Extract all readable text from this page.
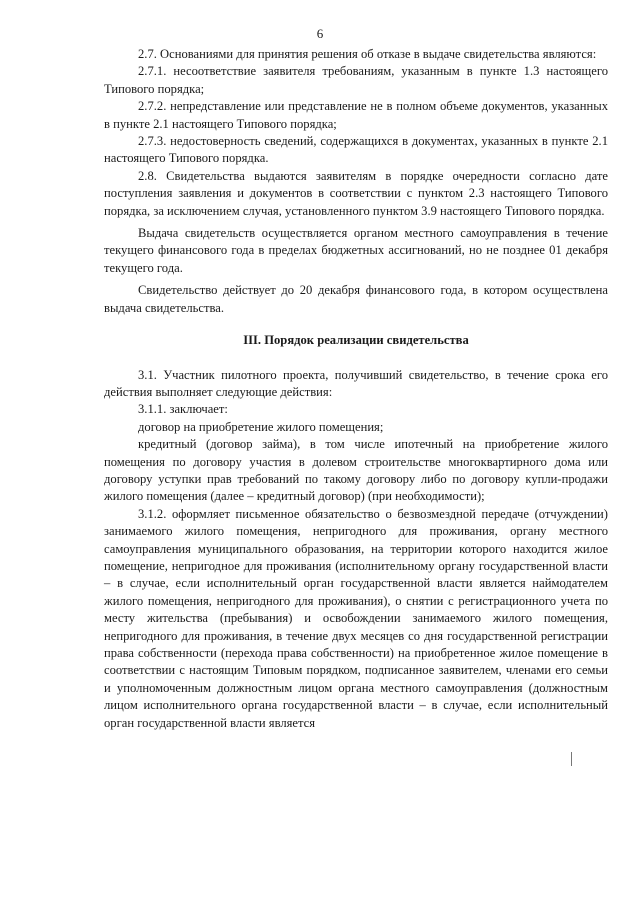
6

2.7. Основаниями для принятия решения об отказе в выдаче свидетельства являются:

2.7.1. несоответствие заявителя требованиям, указанным в пункте 1.3 настоящего Типового порядка;

2.7.2. непредставление или представление не в полном объеме документов, указанных в пункте 2.1 настоящего Типового порядка;

2.7.3. недостоверность сведений, содержащихся в документах, указанных в пункте 2.1 настоящего Типового порядка.

2.8. Свидетельства выдаются заявителям в порядке очередности согласно дате поступления заявления и документов в соответствии с пунктом 2.3 настоящего Типового порядка, за исключением случая, установленного пунктом 3.9 настоящего Типового порядка.

Выдача свидетельств осуществляется органом местного самоуправления в течение текущего финансового года в пределах бюджетных ассигнований, но не позднее 01 декабря текущего года.

Свидетельство действует до 20 декабря финансового года, в котором осуществлена выдача свидетельства.

III. Порядок реализации свидетельства

3.1. Участник пилотного проекта, получивший свидетельство, в течение срока его действия выполняет следующие действия:

3.1.1. заключает:

договор на приобретение жилого помещения;

кредитный (договор займа), в том числе ипотечный на приобретение жилого помещения по договору участия в долевом строительстве многоквартирного дома или договору уступки прав требований по такому договору либо по договору купли-продажи жилого помещения (далее – кредитный договор) (при необходимости);

3.1.2. оформляет письменное обязательство о безвозмездной передаче (отчуждении) занимаемого жилого помещения, непригодного для проживания, органу местного самоуправления муниципального образования, на территории которого находится жилое помещение, непригодное для проживания (исполнительному органу государственной власти – в случае, если исполнительный орган государственной власти является наймодателем жилого помещения, непригодного для проживания), о снятии с регистрационного учета по месту жительства (пребывания) и освобождении занимаемого жилого помещения, непригодного для проживания, в течение двух месяцев со дня государственной регистрации права собственности (перехода права собственности) на приобретенное жилое помещение в соответствии с настоящим Типовым порядком, подписанное заявителем, членами его семьи и уполномоченным должностным лицом органа местного самоуправления (должностным лицом исполнительного органа государственной власти – в случае, если исполнительный орган государственной власти является
